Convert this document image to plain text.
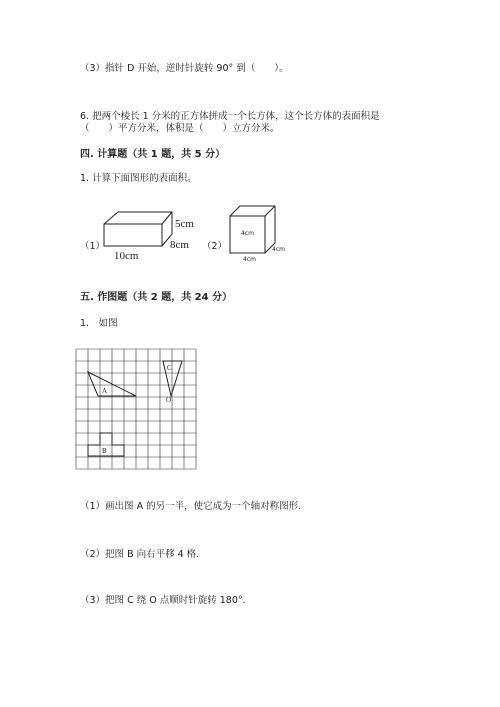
（3）指针 D 开始，逆时针旋转 90° 到（　　）。
6. 把两个棱长 1 分米的正方体拼成一个长方体，这个长方体的表面积是
（　　）平方分米，体积是（　　）立方分米。
四. 计算题（共 1 题，共 5 分）
1. 计算下面图形的表面积。
（1）
10cm
5cm
8cm （2）
4cm
4cm
4cm
五. 作图题（共 2 题，共 24 分）
1.　如图
A
C
O
B
（1）画出图 A 的另一半，使它成为一个轴对称图形.
（2）把图 B 向右平移 4 格.
（3）把图 C 绕 O 点顺时针旋转 180°.
